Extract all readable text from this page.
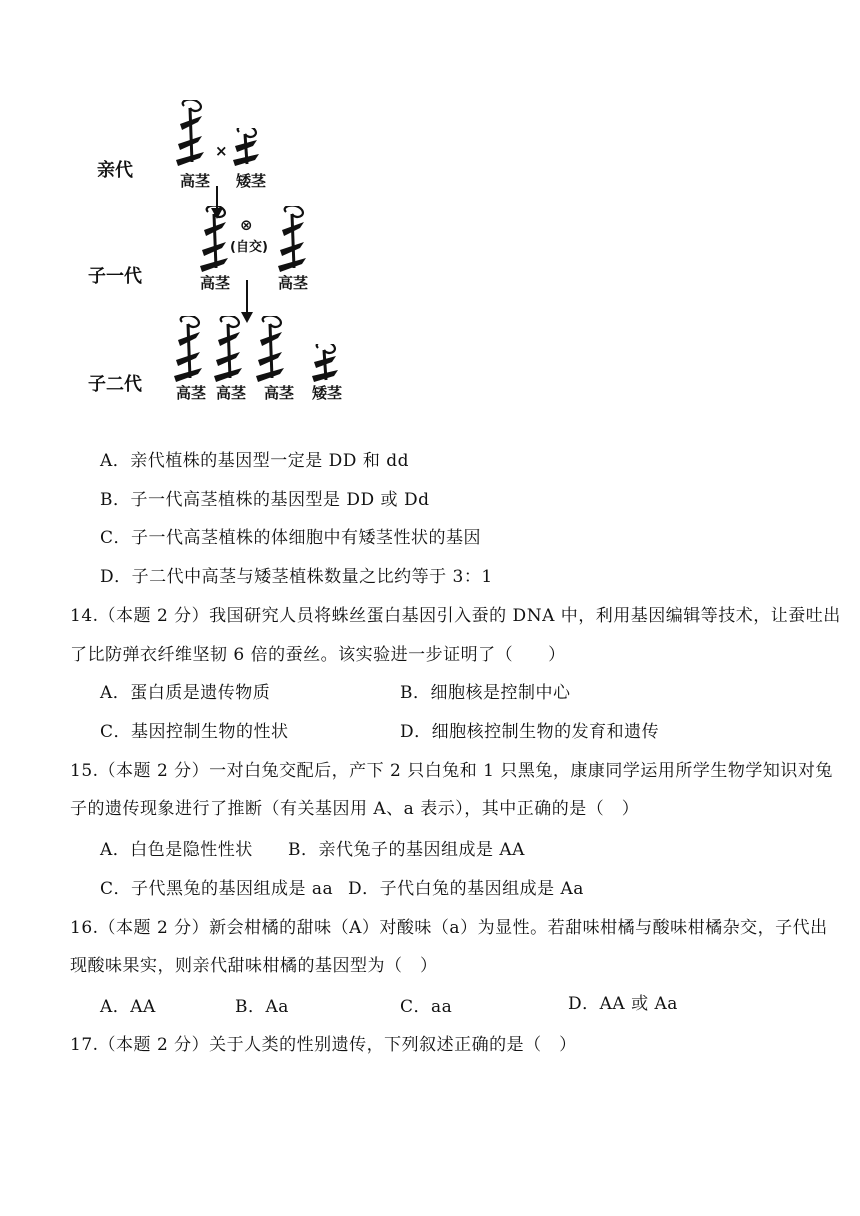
亲代
子一代
子二代
×
高茎 矮茎
⊗
(自交)
高茎	高茎
高茎 高茎 高茎 矮茎
A．亲代植株的基因型一定是 DD 和 dd
B．子一代高茎植株的基因型是 DD 或 Dd
C．子一代高茎植株的体细胞中有矮茎性状的基因
D．子二代中高茎与矮茎植株数量之比约等于 3：1
14.（本题 2 分）我国研究人员将蛛丝蛋白基因引入蚕的 DNA 中，利用基因编辑等技术，让蚕吐出
了比防弹衣纤维坚韧 6 倍的蚕丝。该实验进一步证明了（　　）
A．蛋白质是遗传物质	B．细胞核是控制中心
C．基因控制生物的性状	D．细胞核控制生物的发育和遗传
15.（本题 2 分）一对白兔交配后，产下 2 只白兔和 1 只黑兔，康康同学运用所学生物学知识对兔
子的遗传现象进行了推断（有关基因用 A、a 表示），其中正确的是（　）
A．白色是隐性性状 B．亲代兔子的基因组成是 AA
C．子代黑兔的基因组成是 aa D．子代白兔的基因组成是 Aa
16.（本题 2 分）新会柑橘的甜味（A）对酸味（a）为显性。若甜味柑橘与酸味柑橘杂交，子代出
现酸味果实，则亲代甜味柑橘的基因型为（　）
A．AA	B．Aa	C．aa	D．AA 或 Aa
17.（本题 2 分）关于人类的性别遗传，下列叙述正确的是（　）
